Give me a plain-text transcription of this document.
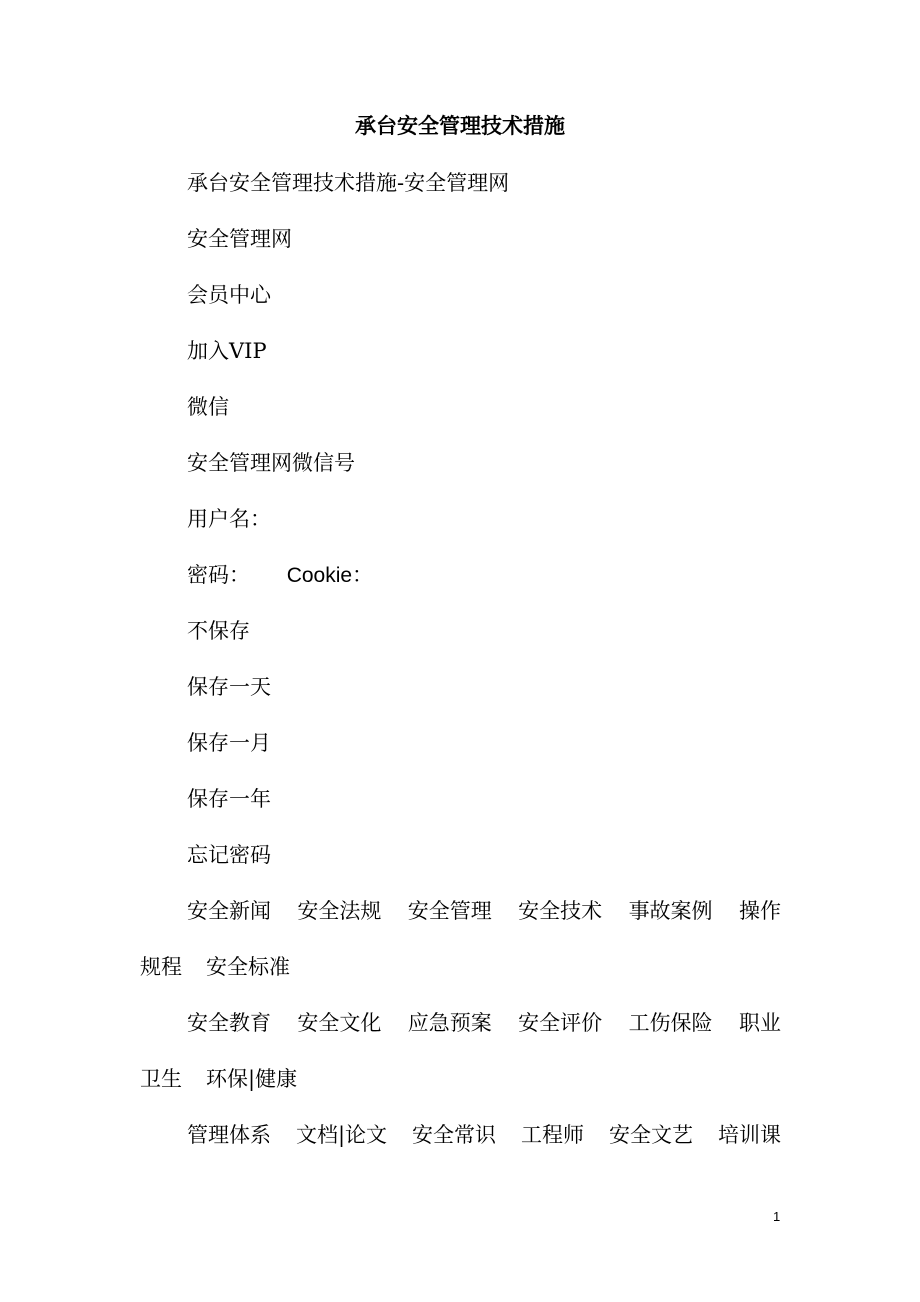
承台安全管理技术措施
承台安全管理技术措施-安全管理网
安全管理网
会员中心
加入VIP
微信
安全管理网微信号
用户名：
密码： Cookie：
不保存
保存一天
保存一月
保存一年
忘记密码
安全新闻 安全法规 安全管理 安全技术 事故案例 操作
规程 安全标准
安全教育 安全文化 应急预案 安全评价 工伤保险 职业
卫生 环保|健康
管理体系 文档|论文 安全常识 工程师 安全文艺 培训课
1
